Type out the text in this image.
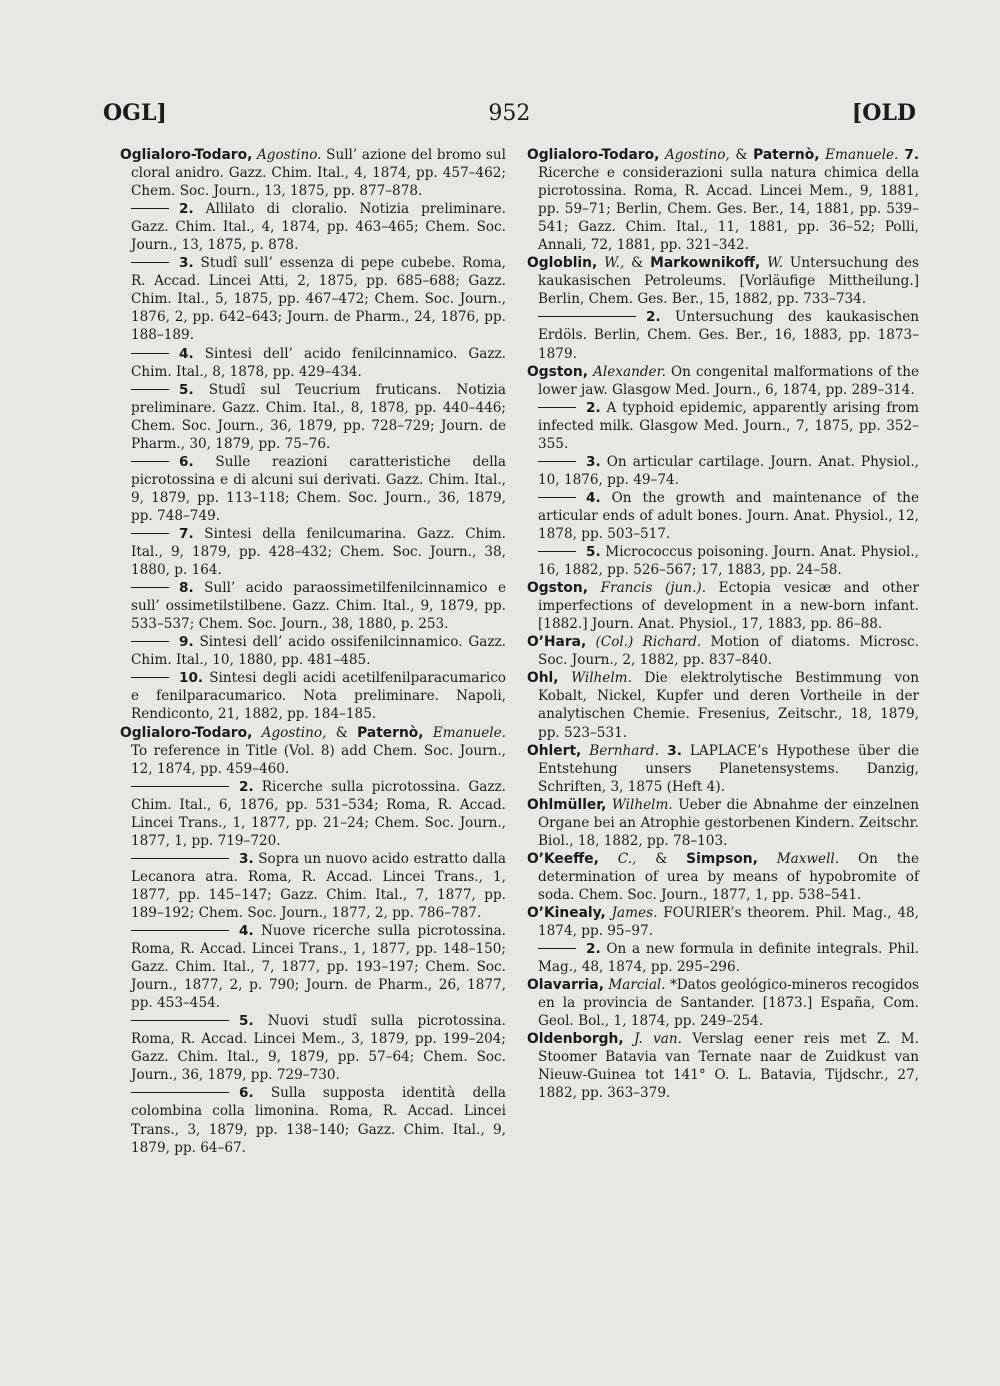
OGL]	952	[OLD

Oglialoro-Todaro, Agostino. Sull’ azione del bromo sul cloral anidro. Gazz. Chim. Ital., 4, 1874, pp. 457–462; Chem. Soc. Journ., 13, 1875, pp. 877–878.

2. Allilato di cloralio. Notizia preliminare. Gazz. Chim. Ital., 4, 1874, pp. 463–465; Chem. Soc. Journ., 13, 1875, p. 878.

3. Studî sull’ essenza di pepe cubebe. Roma, R. Accad. Lincei Atti, 2, 1875, pp. 685–688; Gazz. Chim. Ital., 5, 1875, pp. 467–472; Chem. Soc. Journ., 1876, 2, pp. 642–643; Journ. de Pharm., 24, 1876, pp. 188–189.

4. Sintesi dell’ acido fenilcinnamico. Gazz. Chim. Ital., 8, 1878, pp. 429–434.

5. Studî sul Teucrium fruticans. Notizia preliminare. Gazz. Chim. Ital., 8, 1878, pp. 440–446; Chem. Soc. Journ., 36, 1879, pp. 728–729; Journ. de Pharm., 30, 1879, pp. 75–76.

6. Sulle reazioni caratteristiche della picrotossina e di alcuni sui derivati. Gazz. Chim. Ital., 9, 1879, pp. 113–118; Chem. Soc. Journ., 36, 1879, pp. 748–749.

7. Sintesi della fenilcumarina. Gazz. Chim. Ital., 9, 1879, pp. 428–432; Chem. Soc. Journ., 38, 1880, p. 164.

8. Sull’ acido paraossimetilfenilcinnamico e sull’ ossimetilstilbene. Gazz. Chim. Ital., 9, 1879, pp. 533–537; Chem. Soc. Journ., 38, 1880, p. 253.

9. Sintesi dell’ acido ossifenilcinnamico. Gazz. Chim. Ital., 10, 1880, pp. 481–485.

10. Sintesi degli acidi acetilfenilparacumarico e fenilparacumarico. Nota preliminare. Napoli, Rendiconto, 21, 1882, pp. 184–185.

Oglialoro-Todaro, Agostino, & Paternò, Emanuele. To reference in Title (Vol. 8) add Chem. Soc. Journ., 12, 1874, pp. 459–460.

2. Ricerche sulla picrotossina. Gazz. Chim. Ital., 6, 1876, pp. 531–534; Roma, R. Accad. Lincei Trans., 1, 1877, pp. 21–24; Chem. Soc. Journ., 1877, 1, pp. 719–720.

3. Sopra un nuovo acido estratto dalla Lecanora atra. Roma, R. Accad. Lincei Trans., 1, 1877, pp. 145–147; Gazz. Chim. Ital., 7, 1877, pp. 189–192; Chem. Soc. Journ., 1877, 2, pp. 786–787.

4. Nuove ricerche sulla picrotossina. Roma, R. Accad. Lincei Trans., 1, 1877, pp. 148–150; Gazz. Chim. Ital., 7, 1877, pp. 193–197; Chem. Soc. Journ., 1877, 2, p. 790; Journ. de Pharm., 26, 1877, pp. 453–454.

5. Nuovi studî sulla picrotossina. Roma, R. Accad. Lincei Mem., 3, 1879, pp. 199–204; Gazz. Chim. Ital., 9, 1879, pp. 57–64; Chem. Soc. Journ., 36, 1879, pp. 729–730.

6. Sulla supposta identità della colombina colla limonina. Roma, R. Accad. Lincei Trans., 3, 1879, pp. 138–140; Gazz. Chim. Ital., 9, 1879, pp. 64–67.

Oglialoro-Todaro, Agostino, & Paternò, Emanuele. 7. Ricerche e considerazioni sulla natura chimica della picrotossina. Roma, R. Accad. Lincei Mem., 9, 1881, pp. 59–71; Berlin, Chem. Ges. Ber., 14, 1881, pp. 539–541; Gazz. Chim. Ital., 11, 1881, pp. 36–52; Polli, Annali, 72, 1881, pp. 321–342.

Ogloblin, W., & Markownikoff, W. Untersuchung des kaukasischen Petroleums. [Vorläufige Mittheilung.] Berlin, Chem. Ges. Ber., 15, 1882, pp. 733–734.

2. Untersuchung des kaukasischen Erdöls. Berlin, Chem. Ges. Ber., 16, 1883, pp. 1873–1879.

Ogston, Alexander. On congenital malformations of the lower jaw. Glasgow Med. Journ., 6, 1874, pp. 289–314.

2. A typhoid epidemic, apparently arising from infected milk. Glasgow Med. Journ., 7, 1875, pp. 352–355.

3. On articular cartilage. Journ. Anat. Physiol., 10, 1876, pp. 49–74.

4. On the growth and maintenance of the articular ends of adult bones. Journ. Anat. Physiol., 12, 1878, pp. 503–517.

5. Micrococcus poisoning. Journ. Anat. Physiol., 16, 1882, pp. 526–567; 17, 1883, pp. 24–58.

Ogston, Francis (jun.). Ectopia vesicæ and other imperfections of development in a new-born infant. [1882.] Journ. Anat. Physiol., 17, 1883, pp. 86–88.

O’Hara, (Col.) Richard. Motion of diatoms. Microsc. Soc. Journ., 2, 1882, pp. 837–840.

Ohl, Wilhelm. Die elektrolytische Bestimmung von Kobalt, Nickel, Kupfer und deren Vortheile in der analytischen Chemie. Fresenius, Zeitschr., 18, 1879, pp. 523–531.

Ohlert, Bernhard. 3. LAPLACE’s Hypothese über die Entstehung unsers Planetensystems. Danzig, Schriften, 3, 1875 (Heft 4).

Ohlmüller, Wilhelm. Ueber die Abnahme der einzelnen Organe bei an Atrophie gestorbenen Kindern. Zeitschr. Biol., 18, 1882, pp. 78–103.

O’Keeffe, C., & Simpson, Maxwell. On the determination of urea by means of hypobromite of soda. Chem. Soc. Journ., 1877, 1, pp. 538–541.

O’Kinealy, James. FOURIER’s theorem. Phil. Mag., 48, 1874, pp. 95–97.

2. On a new formula in definite integrals. Phil. Mag., 48, 1874, pp. 295–296.

Olavarria, Marcial. *Datos geológico-mineros recogidos en la provincia de Santander. [1873.] España, Com. Geol. Bol., 1, 1874, pp. 249–254.

Oldenborgh, J. van. Verslag eener reis met Z. M. Stoomer Batavia van Ternate naar de Zuidkust van Nieuw-Guinea tot 141° O. L. Batavia, Tijdschr., 27, 1882, pp. 363–379.
